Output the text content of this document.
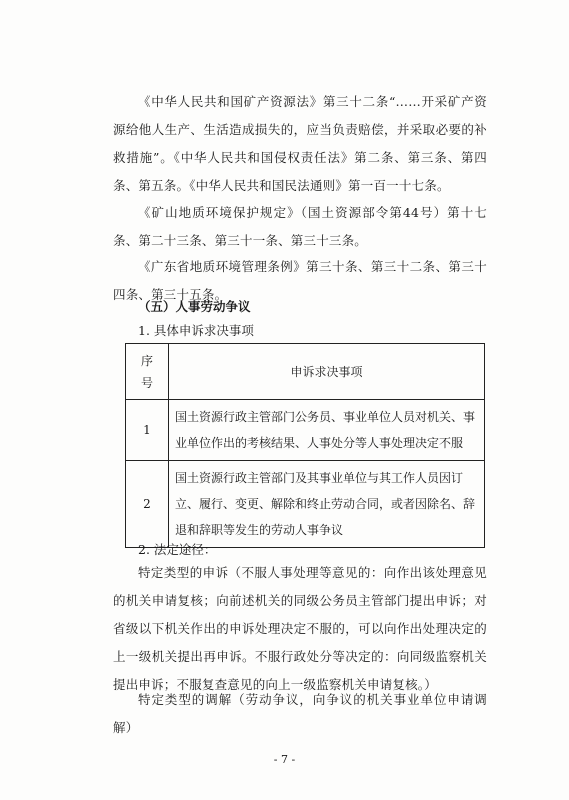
《中华人民共和国矿产资源法》第三十二条“……开采矿产资源给他人生产、生活造成损失的，应当负责赔偿，并采取必要的补救措施”。《中华人民共和国侵权责任法》第二条、第三条、第四条、第五条。《中华人民共和国民法通则》第一百一十七条。

《矿山地质环境保护规定》（国土资源部令第44号）第十七条、第二十三条、第三十一条、第三十三条。

《广东省地质环境管理条例》第三十条、第三十二条、第三十四条、第三十五条。

（五）人事劳动争议

1. 具体申诉求决事项

序
号	申诉求决事项
1	国土资源行政主管部门公务员、事业单位人员对机关、事业单位作出的考核结果、人事处分等人事处理决定不服
2	国土资源行政主管部门及其事业单位与其工作人员因订立、履行、变更、解除和终止劳动合同，或者因除名、辞退和辞职等发生的劳动人事争议

2. 法定途径：

特定类型的申诉（不服人事处理等意见的：向作出该处理意见的机关申请复核；向前述机关的同级公务员主管部门提出申诉；对省级以下机关作出的申诉处理决定不服的，可以向作出处理决定的上一级机关提出再申诉。不服行政处分等决定的：向同级监察机关提出申诉；不服复查意见的向上一级监察机关申请复核。）

特定类型的调解（劳动争议，向争议的机关事业单位申请调解）

- 7 -
